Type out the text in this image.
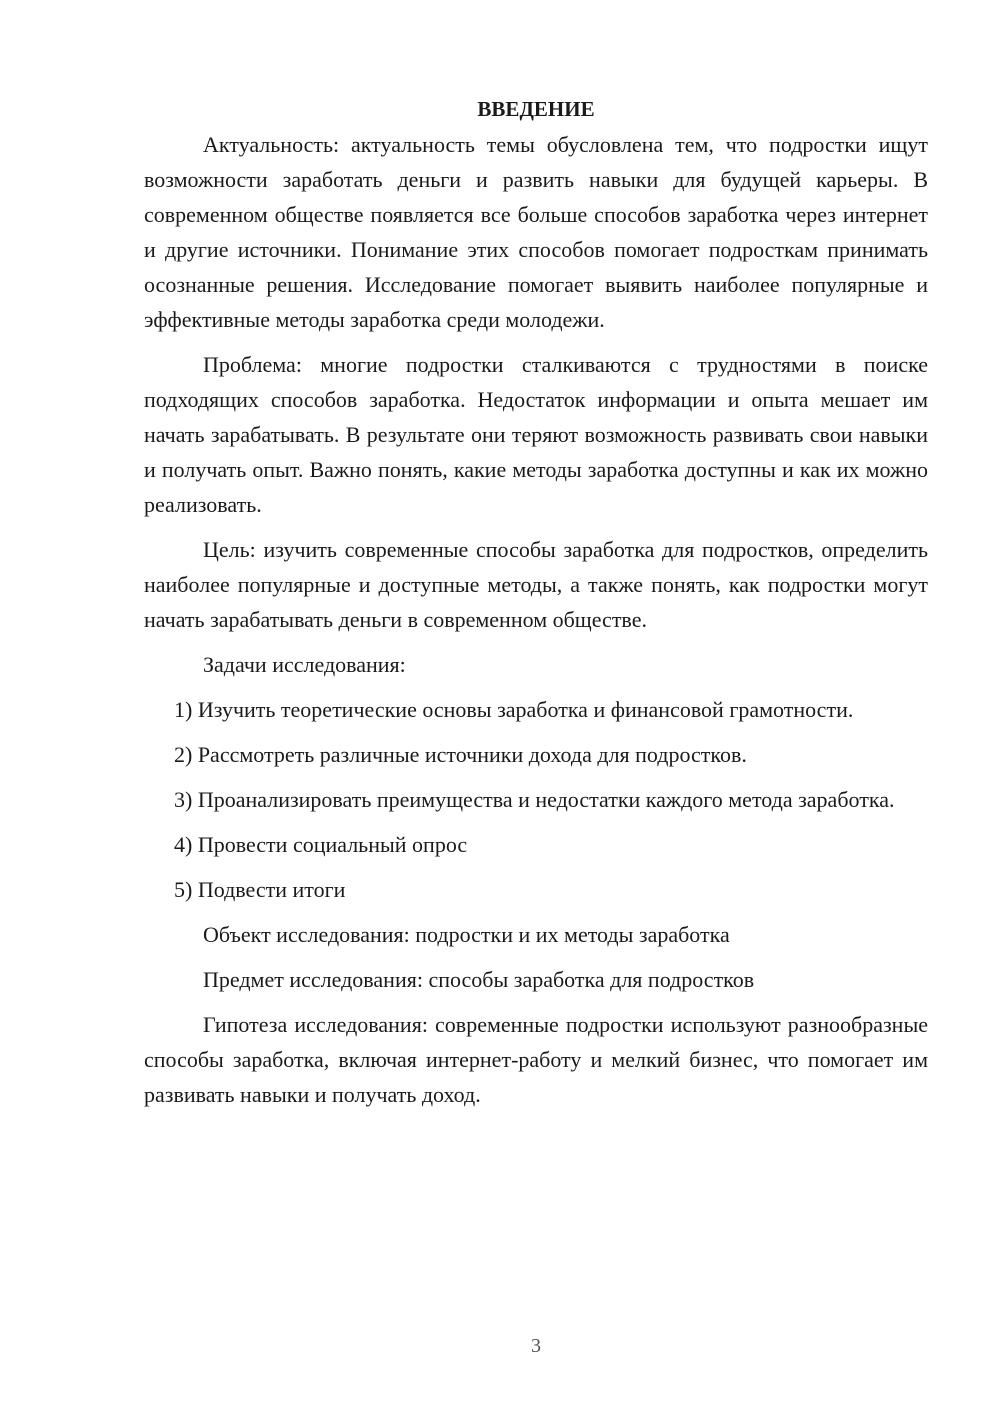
ВВЕДЕНИЕ

Актуальность: актуальность темы обусловлена тем, что подростки ищут возможности заработать деньги и развить навыки для будущей карьеры. В современном обществе появляется все больше способов заработка через интернет и другие источники. Понимание этих способов помогает подросткам принимать осознанные решения. Исследование помогает выявить наиболее популярные и эффективные методы заработка среди молодежи.

Проблема: многие подростки сталкиваются с трудностями в поиске подходящих способов заработка. Недостаток информации и опыта мешает им начать зарабатывать. В результате они теряют возможность развивать свои навыки и получать опыт. Важно понять, какие методы заработка доступны и как их можно реализовать.

Цель: изучить современные способы заработка для подростков, определить наиболее популярные и доступные методы, а также понять, как подростки могут начать зарабатывать деньги в современном обществе.

Задачи исследования:

1) Изучить теоретические основы заработка и финансовой грамотности.

2) Рассмотреть различные источники дохода для подростков.

3) Проанализировать преимущества и недостатки каждого метода заработка.

4) Провести социальный опрос

5) Подвести итоги

Объект исследования: подростки и их методы заработка

Предмет исследования: способы заработка для подростков

Гипотеза исследования: современные подростки используют разнообразные способы заработка, включая интернет-работу и мелкий бизнес, что помогает им развивать навыки и получать доход.

3
